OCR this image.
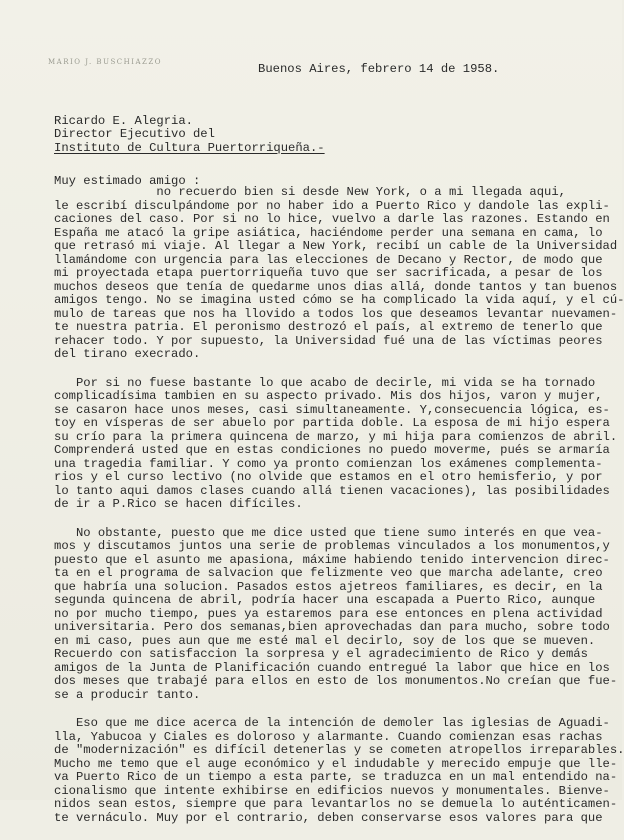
MARIO J. BUSCHIAZZO	Buenos Aires, febrero 14 de 1958.
Ricardo E. Alegria.
Director Ejecutivo del
Instituto de Cultura Puertorriqueña.-
Muy estimado amigo :
no recuerdo bien si desde New York, o a mi llegada aqui,
le escribí disculpándome por no haber ido a Puerto Rico y dandole las expli-
caciones del caso. Por si no lo hice, vuelvo a darle las razones. Estando en
España me atacó la gripe asiática, haciéndome perder una semana en cama, lo
que retrasó mi viaje. Al llegar a New York, recibí un cable de la Universidad
llamándome con urgencia para las elecciones de Decano y Rector, de modo que
mi proyectada etapa puertorriqueña tuvo que ser sacrificada, a pesar de los
muchos deseos que tenía de quedarme unos dias allá, donde tantos y tan buenos
amigos tengo. No se imagina usted cómo se ha complicado la vida aquí, y el cú-
mulo de tareas que nos ha llovido a todos los que deseamos levantar nuevamen-
te nuestra patria. El peronismo destrozó el país, al extremo de tenerlo que
rehacer todo. Y por supuesto, la Universidad fué una de las víctimas peores
del tirano execrado.
Por si no fuese bastante lo que acabo de decirle, mi vida se ha tornado
complicadísima tambien en su aspecto privado. Mis dos hijos, varon y mujer,
se casaron hace unos meses, casi simultaneamente. Y,consecuencia lógica, es-
toy en vísperas de ser abuelo por partida doble. La esposa de mi hijo espera
su crío para la primera quincena de marzo, y mi hija para comienzos de abril.
Comprenderá usted que en estas condiciones no puedo moverme, pués se armaría
una tragedia familiar. Y como ya pronto comienzan los exámenes complementa-
rios y el curso lectivo (no olvide que estamos en el otro hemisferio, y por
lo tanto aqui damos clases cuando allá tienen vacaciones), las posibilidades
de ir a P.Rico se hacen difíciles.
No obstante, puesto que me dice usted que tiene sumo interés en que vea-
mos y discutamos juntos una serie de problemas vinculados a los monumentos,y
puesto que el asunto me apasiona, máxime habiendo tenido intervencion direc-
ta en el programa de salvacion que felizmente veo que marcha adelante, creo
que habría una solucion. Pasados estos ajetreos familiares, es decir, en la
segunda quincena de abril, podría hacer una escapada a Puerto Rico, aunque
no por mucho tiempo, pues ya estaremos para ese entonces en plena actividad
universitaria. Pero dos semanas,bien aprovechadas dan para mucho, sobre todo
en mi caso, pues aun que me esté mal el decirlo, soy de los que se mueven.
Recuerdo con satisfaccion la sorpresa y el agradecimiento de Rico y demás
amigos de la Junta de Planificación cuando entregué la labor que hice en los
dos meses que trabajé para ellos en esto de los monumentos.No creían que fue-
se a producir tanto.
Eso que me dice acerca de la intención de demoler las iglesias de Aguadi-
lla, Yabucoa y Ciales es doloroso y alarmante. Cuando comienzan esas rachas
de "modernización" es difícil detenerlas y se cometen atropellos irreparables.
Mucho me temo que el auge económico y el indudable y merecido empuje que lle-
va Puerto Rico de un tiempo a esta parte, se traduzca en un mal entendido na-
cionalismo que intente exhibirse en edificios nuevos y monumentales. Bienve-
nidos sean estos, siempre que para levantarlos no se demuela lo auténticamen-
te vernáculo. Muy por el contrario, deben conservarse esos valores para que
